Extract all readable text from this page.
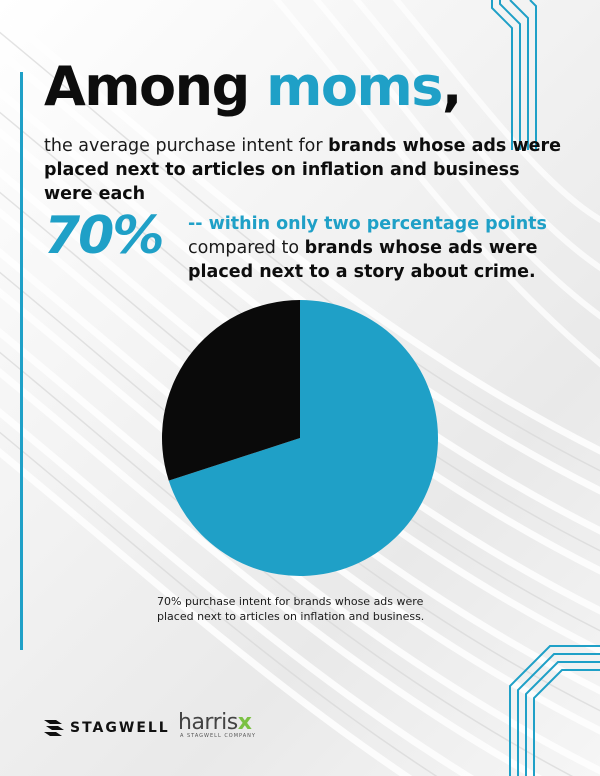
Among moms,
the average purchase intent for brands whose ads were placed next to articles on inflation and business were each
70% -- within only two percentage points compared to brands whose ads were placed next to a story about crime.
70% purchase intent for brands whose ads were placed next to articles on inflation and business.
STAGWELL harrisx
A STAGWELL COMPANY
